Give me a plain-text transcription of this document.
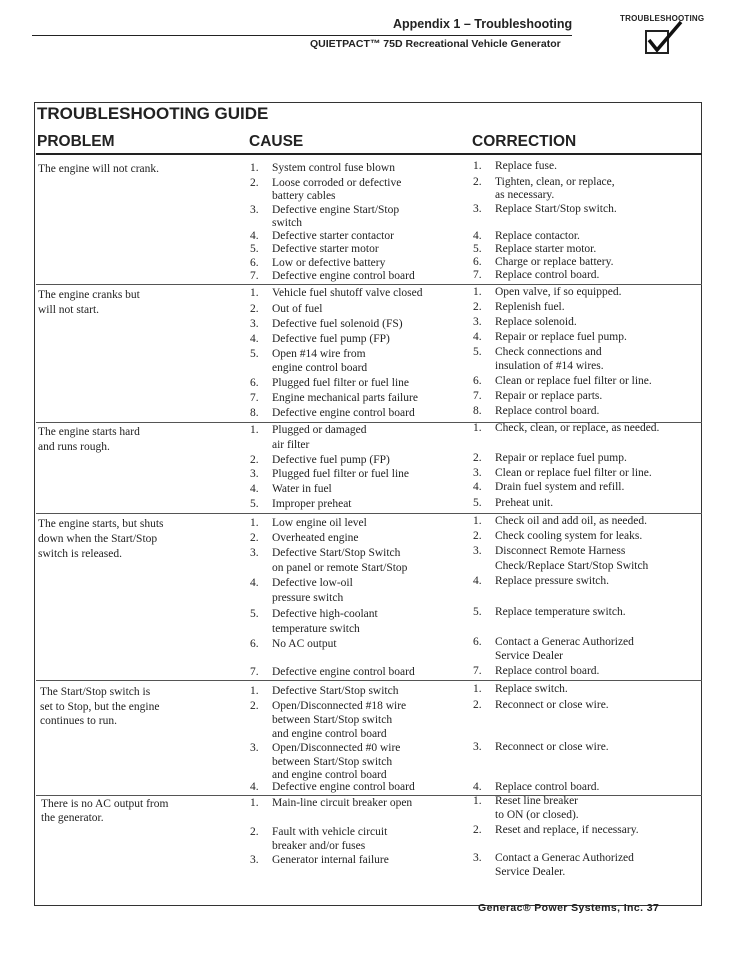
Appendix 1 – Troubleshooting
QUIETPACT™ 75D Recreational Vehicle Generator
TROUBLESHOOTING
TROUBLESHOOTING GUIDE
PROBLEM	CAUSE	CORRECTION
The engine will not crank.
The engine cranks but
will not start.
The engine starts hard
and runs rough.
The engine starts, but shuts
down when the Start/Stop
switch is released.
The Start/Stop switch is
set to Stop, but the engine
continues to run.
There is no AC output from
the generator.
1.
2.
3.
4.
5.
6.
7.
1.
2.
3.
4.
5.
6.
7.
8.
1.
2.
3.
4.
5.
1.
2.
3.
4.
5.
6.
7.
1.
2.
3.
4.
1.
2.
3.
System control fuse blown
Loose corroded or defective
battery cables
Defective engine Start/Stop
switch
Defective starter contactor
Defective starter motor
Low or defective battery
Defective engine control board
Vehicle fuel shutoff valve closed
Out of fuel
Defective fuel solenoid (FS)
Defective fuel pump (FP)
Open #14 wire from
engine control board
Plugged fuel filter or fuel line
Engine mechanical parts failure
Defective engine control board
Plugged or damaged
air filter
Defective fuel pump (FP)
Plugged fuel filter or fuel line
Water in fuel
Improper preheat
Low engine oil level
Overheated engine
Defective Start/Stop Switch
on panel or remote Start/Stop
Defective low-oil
pressure switch
Defective high-coolant
temperature switch
No AC output
Defective engine control board
Defective Start/Stop switch
Open/Disconnected #18 wire
between Start/Stop switch
and engine control board
Open/Disconnected #0 wire
between Start/Stop switch
and engine control board
Defective engine control board
Main-line circuit breaker open
Fault with vehicle circuit
breaker and/or fuses
Generator internal failure
1.
2.
3.
4.
5.
6.
7.
1.
2.
3.
4.
5.
6.
7.
8.
1.
2.
3.
4.
5.
1.
2.
3.
4.
5.
6.
7.
1.
2.
3.
4.
1.
2.
3.
Replace fuse.
Tighten, clean, or replace,
as necessary.
Replace Start/Stop switch.
Replace contactor.
Replace starter motor.
Charge or replace battery.
Replace control board.
Open valve, if so equipped.
Replenish fuel.
Replace solenoid.
Repair or replace fuel pump.
Check connections and
insulation of #14 wires.
Clean or replace fuel filter or line.
Repair or replace parts.
Replace control board.
Check, clean, or replace, as needed.
Repair or replace fuel pump.
Clean or replace fuel filter or line.
Drain fuel system and refill.
Preheat unit.
Check oil and add oil, as needed.
Check cooling system for leaks.
Disconnect Remote Harness
Check/Replace Start/Stop Switch
Replace pressure switch.
Replace temperature switch.
Contact a Generac Authorized
Service Dealer
Replace control board.
Replace switch.
Reconnect or close wire.
Reconnect or close wire.
Replace control board.
Reset line breaker
to ON (or closed).
Reset and replace, if necessary.
Contact a Generac Authorized
Service Dealer.
Generac® Power Systems, Inc. 37
